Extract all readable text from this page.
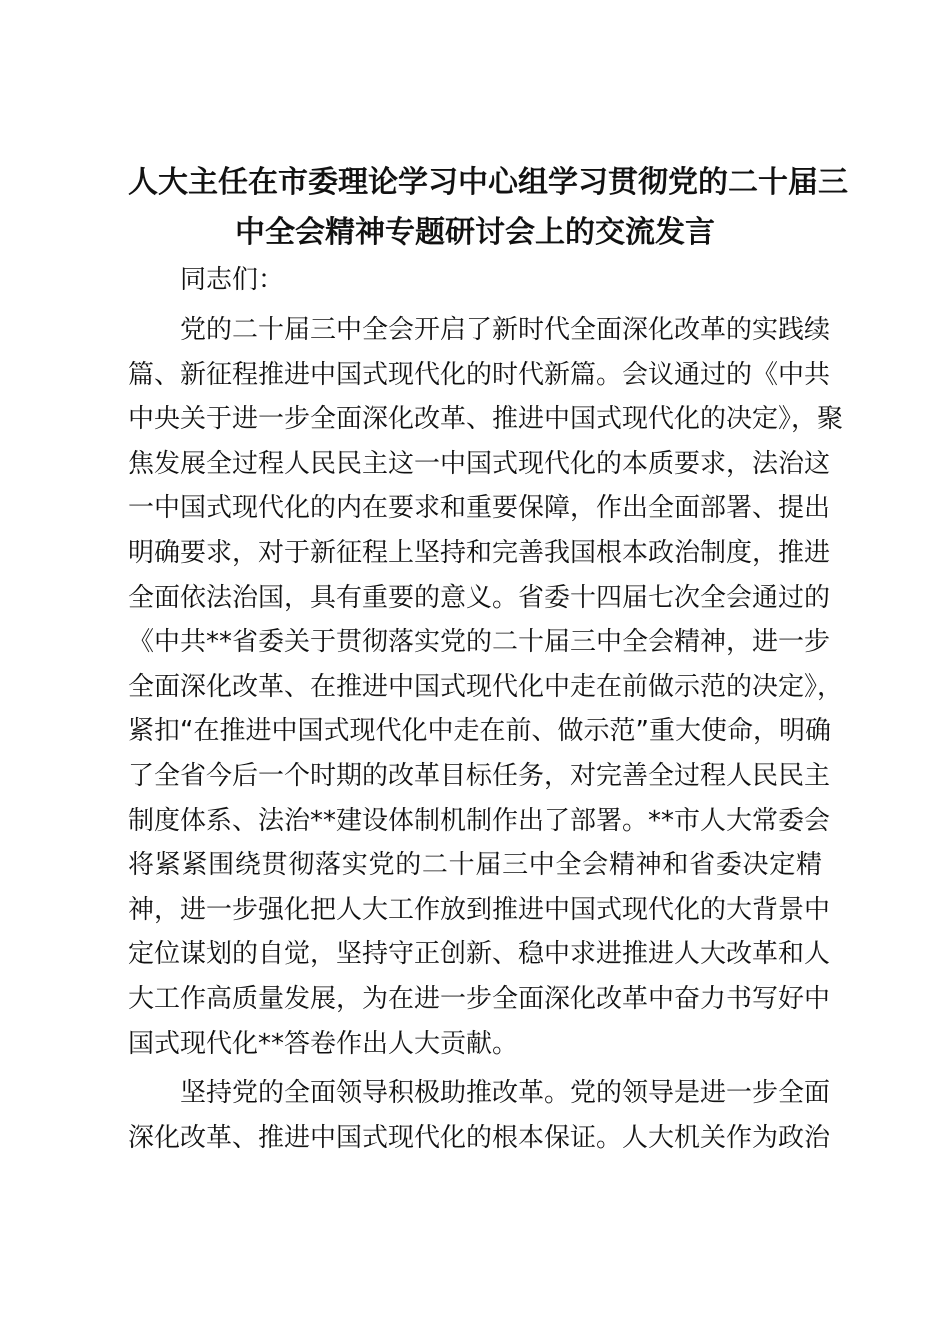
人大主任在市委理论学习中心组学习贯彻党的二十届三
中全会精神专题研讨会上的交流发言

同志们：

党的二十届三中全会开启了新时代全面深化改革的实践续
篇、新征程推进中国式现代化的时代新篇。会议通过的《中共
中央关于进一步全面深化改革、推进中国式现代化的决定》，聚
焦发展全过程人民民主这一中国式现代化的本质要求，法治这
一中国式现代化的内在要求和重要保障，作出全面部署、提出
明确要求，对于新征程上坚持和完善我国根本政治制度，推进
全面依法治国，具有重要的意义。省委十四届七次全会通过的
《中共**省委关于贯彻落实党的二十届三中全会精神，进一步
全面深化改革、在推进中国式现代化中走在前做示范的决定》，
紧扣“在推进中国式现代化中走在前、做示范”重大使命，明确
了全省今后一个时期的改革目标任务，对完善全过程人民民主
制度体系、法治**建设体制机制作出了部署。**市人大常委会
将紧紧围绕贯彻落实党的二十届三中全会精神和省委决定精
神，进一步强化把人大工作放到推进中国式现代化的大背景中
定位谋划的自觉，坚持守正创新、稳中求进推进人大改革和人
大工作高质量发展，为在进一步全面深化改革中奋力书写好中
国式现代化**答卷作出人大贡献。
坚持党的全面领导积极助推改革。党的领导是进一步全面
深化改革、推进中国式现代化的根本保证。人大机关作为政治
